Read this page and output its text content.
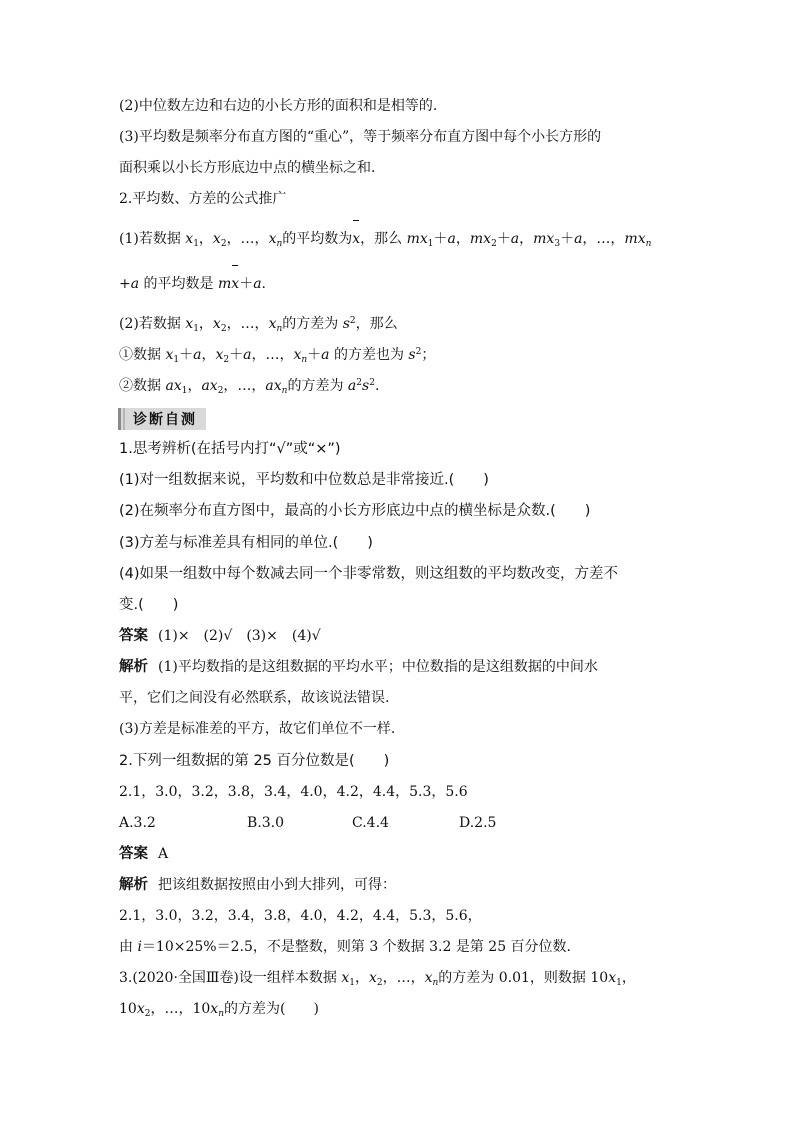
(2)中位数左边和右边的小长方形的面积和是相等的.
(3)平均数是频率分布直方图的“重心”，等于频率分布直方图中每个小长方形的
面积乘以小长方形底边中点的横坐标之和.
2.平均数、方差的公式推广
(1)若数据 $x_1$，$x_2$，…，$x_n$的平均数为x，那么 $mx_1+a$，$mx_2+a$，$mx_3+a$，…，$mx_n$
+a 的平均数是 mx＋a.
(2)若数据 $x_1$，$x_2$，…，$x_n$的方差为 $s^2$，那么
①数据 $x_1+a$，$x_2+a$，…，$x_n+a$ 的方差也为 $s^2$；
②数据 $ax_1$，$ax_2$，…，$ax_n$的方差为 $a^2s^2$.
诊断自测
1.思考辨析(在括号内打“√”或“×”)
(1)对一组数据来说，平均数和中位数总是非常接近.(　　)
(2)在频率分布直方图中，最高的小长方形底边中点的横坐标是众数.(　　)
(3)方差与标准差具有相同的单位.(　　)
(4)如果一组数中每个数减去同一个非零常数，则这组数的平均数改变，方差不
变.(　　)
答案 (1)×　(2)√　(3)×　(4)√
解析 (1)平均数指的是这组数据的平均水平；中位数指的是这组数据的中间水
平，它们之间没有必然联系，故该说法错误.
(3)方差是标准差的平方，故它们单位不一样.
2.下列一组数据的第 25 百分位数是(　　)
2.1，3.0，3.2，3.8，3.4，4.0，4.2，4.4，5.3，5.6
A.3.2	B.3.0	C.4.4	D.2.5
答案 A
解析 把该组数据按照由小到大排列，可得：
2.1，3.0，3.2，3.4，3.8，4.0，4.2，4.4，5.3，5.6，
由 i＝10×25%＝2.5，不是整数，则第 3 个数据 3.2 是第 25 百分位数.
3.(2020·全国Ⅲ卷)设一组样本数据 $x_1$，$x_2$，…，$x_n$的方差为 0.01，则数据 $10x_1$，
$10x_2$，…，$10x_n$的方差为(　　)
